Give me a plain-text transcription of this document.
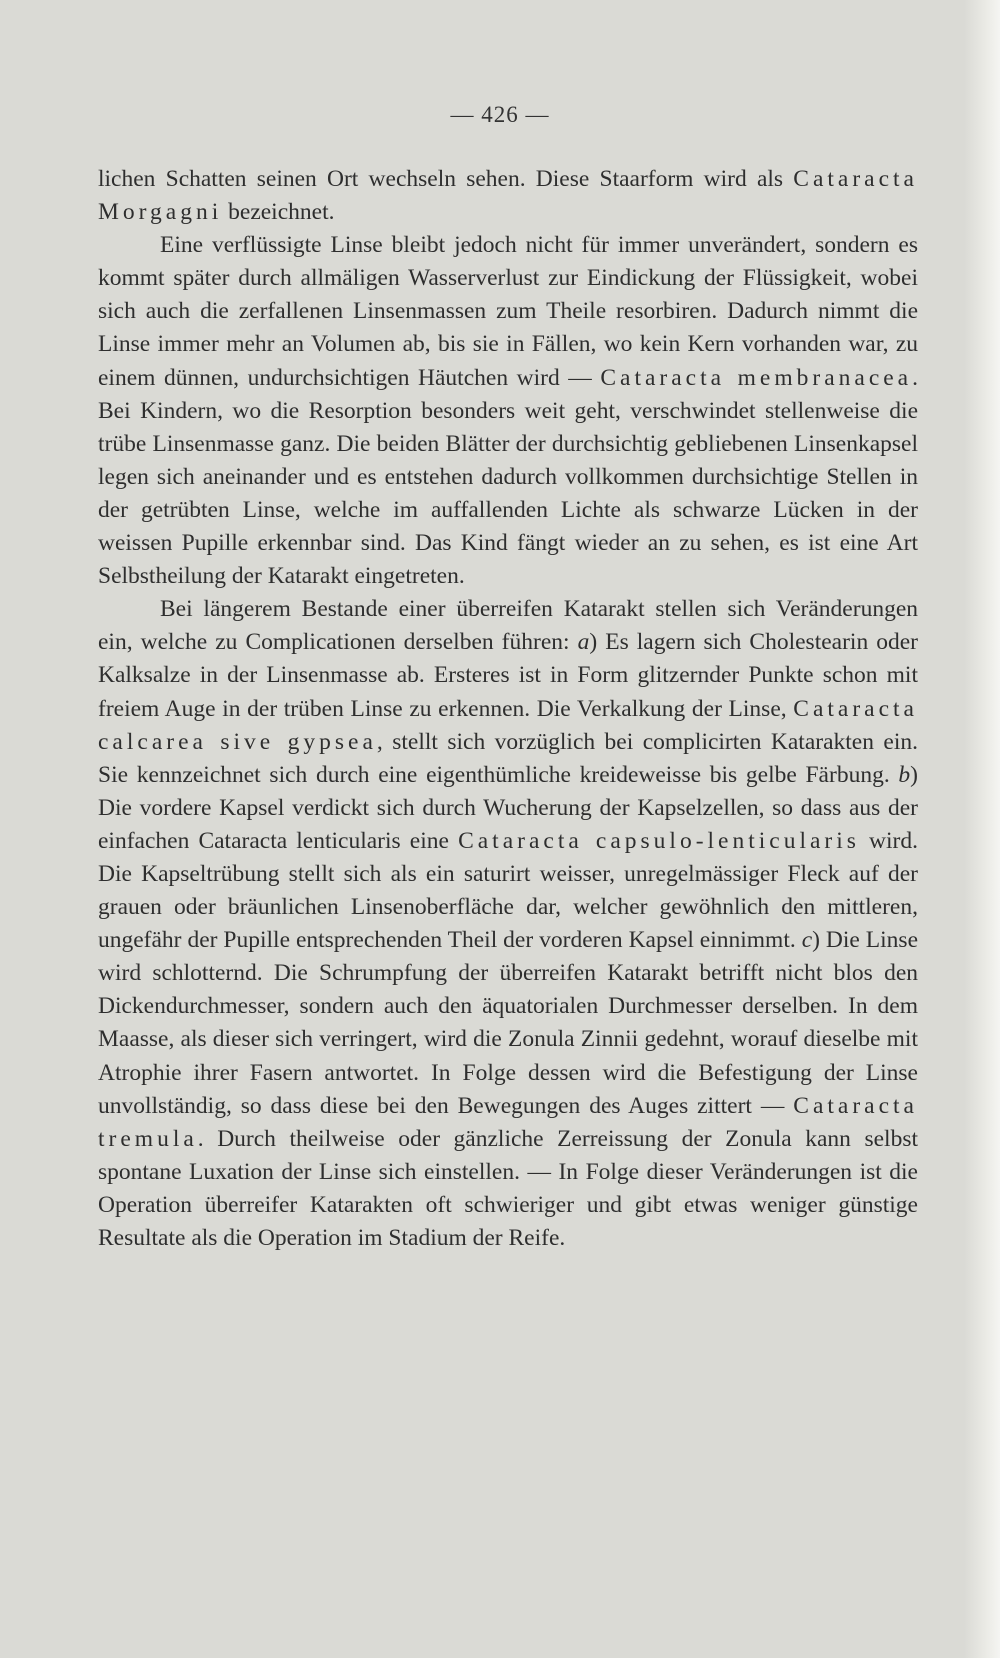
— 426 —

lichen Schatten seinen Ort wechseln sehen. Diese Staarform wird als Cataracta Morgagni bezeichnet.

Eine verflüssigte Linse bleibt jedoch nicht für immer unverändert, sondern es kommt später durch allmäligen Wasserverlust zur Eindickung der Flüssigkeit, wobei sich auch die zerfallenen Linsenmassen zum Theile resorbiren. Dadurch nimmt die Linse immer mehr an Volumen ab, bis sie in Fällen, wo kein Kern vorhanden war, zu einem dünnen, undurchsichtigen Häutchen wird — Cataracta membranacea. Bei Kindern, wo die Resorption besonders weit geht, verschwindet stellenweise die trübe Linsenmasse ganz. Die beiden Blätter der durchsichtig gebliebenen Linsenkapsel legen sich aneinander und es entstehen dadurch vollkommen durchsichtige Stellen in der getrübten Linse, welche im auffallenden Lichte als schwarze Lücken in der weissen Pupille erkennbar sind. Das Kind fängt wieder an zu sehen, es ist eine Art Selbstheilung der Katarakt eingetreten.

Bei längerem Bestande einer überreifen Katarakt stellen sich Veränderungen ein, welche zu Complicationen derselben führen: a) Es lagern sich Cholestearin oder Kalksalze in der Linsenmasse ab. Ersteres ist in Form glitzernder Punkte schon mit freiem Auge in der trüben Linse zu erkennen. Die Verkalkung der Linse, Cataracta calcarea sive gypsea, stellt sich vorzüglich bei complicirten Katarakten ein. Sie kennzeichnet sich durch eine eigenthümliche kreideweisse bis gelbe Färbung. b) Die vordere Kapsel verdickt sich durch Wucherung der Kapselzellen, so dass aus der einfachen Cataracta lenticularis eine Cataracta capsulo-lenticularis wird. Die Kapseltrübung stellt sich als ein saturirt weisser, unregelmässiger Fleck auf der grauen oder bräunlichen Linsenoberfläche dar, welcher gewöhnlich den mittleren, ungefähr der Pupille entsprechenden Theil der vorderen Kapsel einnimmt. c) Die Linse wird schlotternd. Die Schrumpfung der überreifen Katarakt betrifft nicht blos den Dickendurchmesser, sondern auch den äquatorialen Durchmesser derselben. In dem Maasse, als dieser sich verringert, wird die Zonula Zinnii gedehnt, worauf dieselbe mit Atrophie ihrer Fasern antwortet. In Folge dessen wird die Befestigung der Linse unvollständig, so dass diese bei den Bewegungen des Auges zittert — Cataracta tremula. Durch theilweise oder gänzliche Zerreissung der Zonula kann selbst spontane Luxation der Linse sich einstellen. — In Folge dieser Veränderungen ist die Operation überreifer Katarakten oft schwieriger und gibt etwas weniger günstige Resultate als die Operation im Stadium der Reife.
